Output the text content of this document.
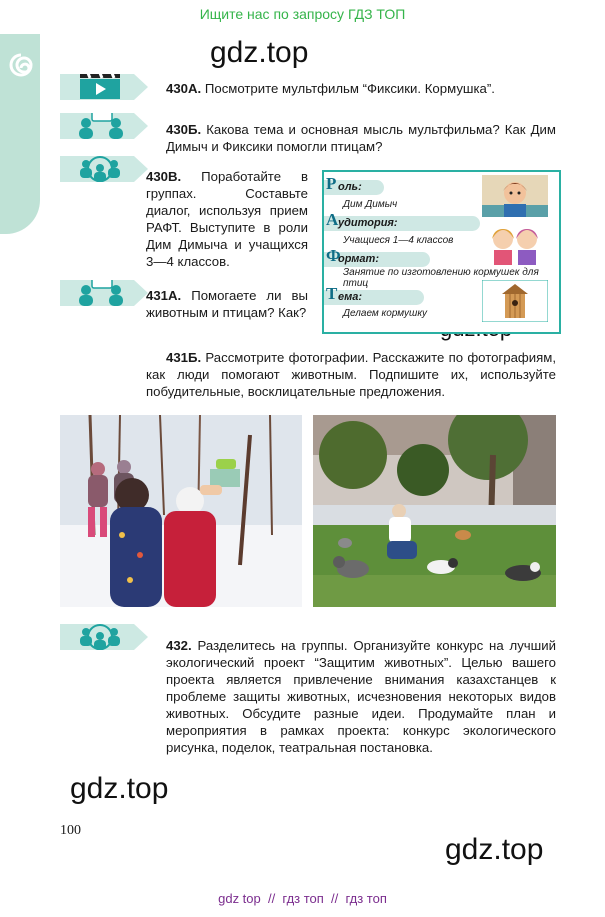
Ищите нас по запросу ГДЗ ТОП
gdz.top
gdz.top
gdz.top
430А. Посмотрите мультфильм “Фиксики. Кормушка”.
430Б. Какова тема и основная мысль мультфильма? Как Дим Димыч и Фиксики помогли птицам?
430В. Поработайте в группах. Составьте диалог, используя прием РАФТ. Выступите в роли Дим Димыча и учащихся 3—4 классов.
431А. Помогаете ли вы животным и птицам? Как?
оль:
Р
Дим Димыч
удитория:
А
Учащиеся 1—4 классов
ормат:
Ф
Занятие по изготовлению кормушек для птиц
ема:
Т
Делаем кормушку
431Б. Рассмотрите фотографии. Расскажите по фотографиям, как люди помогают животным. Подпишите их, используйте побудительные, восклицательные предложения.
432. Разделитесь на группы. Организуйте конкурс на лучший экологический проект “Защитим животных”. Целью вашего проекта является привлечение внимания казахстанцев к проблеме защиты животных, исчезновения некоторых видов животных. Обсудите разные идеи. Продумайте план и мероприятия в рамках проекта: конкурс экологического рисунка, поделок, театральная постановка.
100
gdz top  //  гдз топ  //  гдз топ
